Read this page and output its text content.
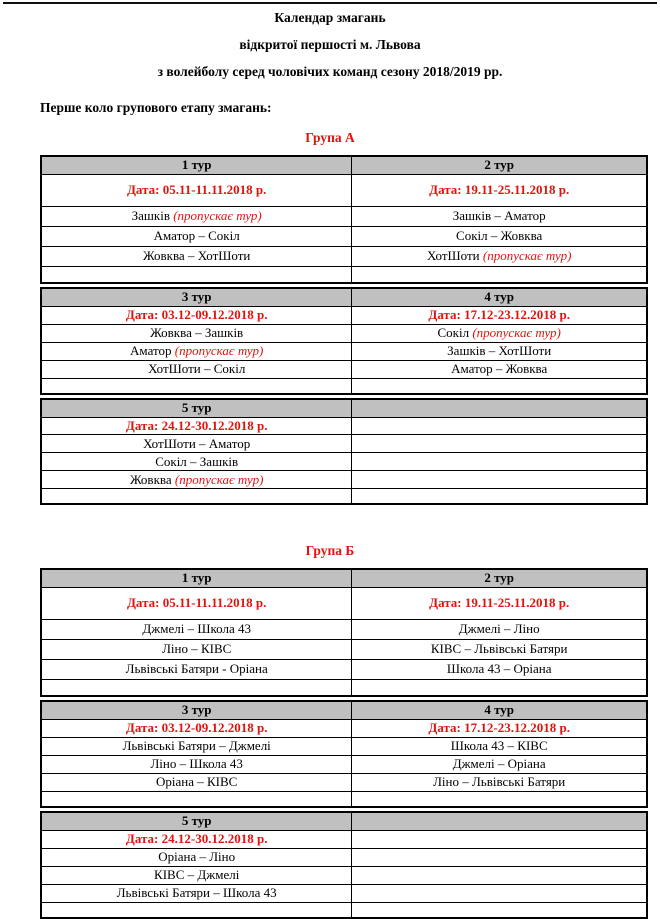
Календар змагань
відкритої першості м. Львова
з волейболу серед чоловічих команд сезону 2018/2019 рр.
Перше коло групового етапу змагань:
Група А
1 тур	2 тур
Дата: 05.11-11.11.2018 р.	Дата: 19.11-25.11.2018 р.
Зашків (пропускає тур)	Зашків – Аматор
Аматор – Сокіл	Сокіл – Жовква
Жовква – ХотШоти	ХотШоти (пропускає тур)

3 тур	4 тур
Дата: 03.12-09.12.2018 р.	Дата: 17.12-23.12.2018 р.
Жовква – Зашків	Сокіл (пропускає тур)
Аматор (пропускає тур)	Зашків – ХотШоти
ХотШоти – Сокіл	Аматор – Жовква

5 тур	
Дата: 24.12-30.12.2018 р.	
ХотШоти – Аматор	
Сокіл – Зашків	
Жовква (пропускає тур)	

Група Б
1 тур	2 тур
Дата: 05.11-11.11.2018 р.	Дата: 19.11-25.11.2018 р.
Джмелі – Школа 43	Джмелі – Ліно
Ліно – КІВС	КІВС – Львівські Батяри
Львівські Батяри - Оріана	Школа 43 – Оріана

3 тур	4 тур
Дата: 03.12-09.12.2018 р.	Дата: 17.12-23.12.2018 р.
Львівські Батяри – Джмелі	Школа 43 – КІВС
Ліно – Школа 43	Джмелі – Оріана
Оріана – КІВС	Ліно – Львівські Батяри

5 тур	
Дата: 24.12-30.12.2018 р.	
Оріана – Ліно	
КІВС – Джмелі	
Львівські Батяри – Школа 43	
